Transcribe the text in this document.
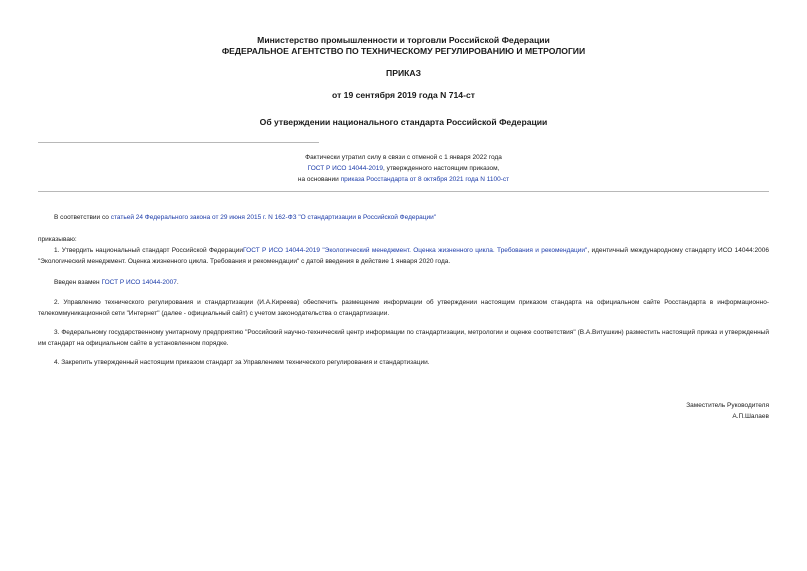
Министерство промышленности и торговли Российской Федерации
ФЕДЕРАЛЬНОЕ АГЕНТСТВО ПО ТЕХНИЧЕСКОМУ РЕГУЛИРОВАНИЮ И МЕТРОЛОГИИ
ПРИКАЗ
от 19 сентября 2019 года N 714-ст
Об утверждении национального стандарта Российской Федерации
Фактически утратил силу в связи с отменой с 1 января 2022 года
ГОСТ Р ИСО 14044-2019, утвержденного настоящим приказом,
на основании приказа Росстандарта от 8 октября 2021 года N 1100-ст
В соответствии со статьей 24 Федерального закона от 29 июня 2015 г. N 162-ФЗ "О стандартизации в Российской Федерации"
приказываю:
1. Утвердить национальный стандарт Российской ФедерацииГОСТ Р ИСО 14044-2019 "Экологический менеджмент. Оценка жизненного цикла. Требования и рекомендации", идентичный международному стандарту ИСО 14044:2006 "Экологический менеджмент. Оценка жизненного цикла. Требования и рекомендации" с датой введения в действие 1 января 2020 года.
Введен взамен ГОСТ Р ИСО 14044-2007.
2. Управлению технического регулирования и стандартизации (И.А.Киреева) обеспечить размещение информации об утверждении настоящим приказом стандарта на официальном сайте Росстандарта в информационно-телекоммуникационной сети "Интернет" (далее - официальный сайт) с учетом законодательства о стандартизации.
3. Федеральному государственному унитарному предприятию "Российский научно-технический центр информации по стандартизации, метрологии и оценке соответствия" (В.А.Витушкин) разместить настоящий приказ и утвержденный им стандарт на официальном сайте в установленном порядке.
4. Закрепить утвержденный настоящим приказом стандарт за Управлением технического регулирования и стандартизации.
Заместитель Руководителя
А.П.Шалаев
